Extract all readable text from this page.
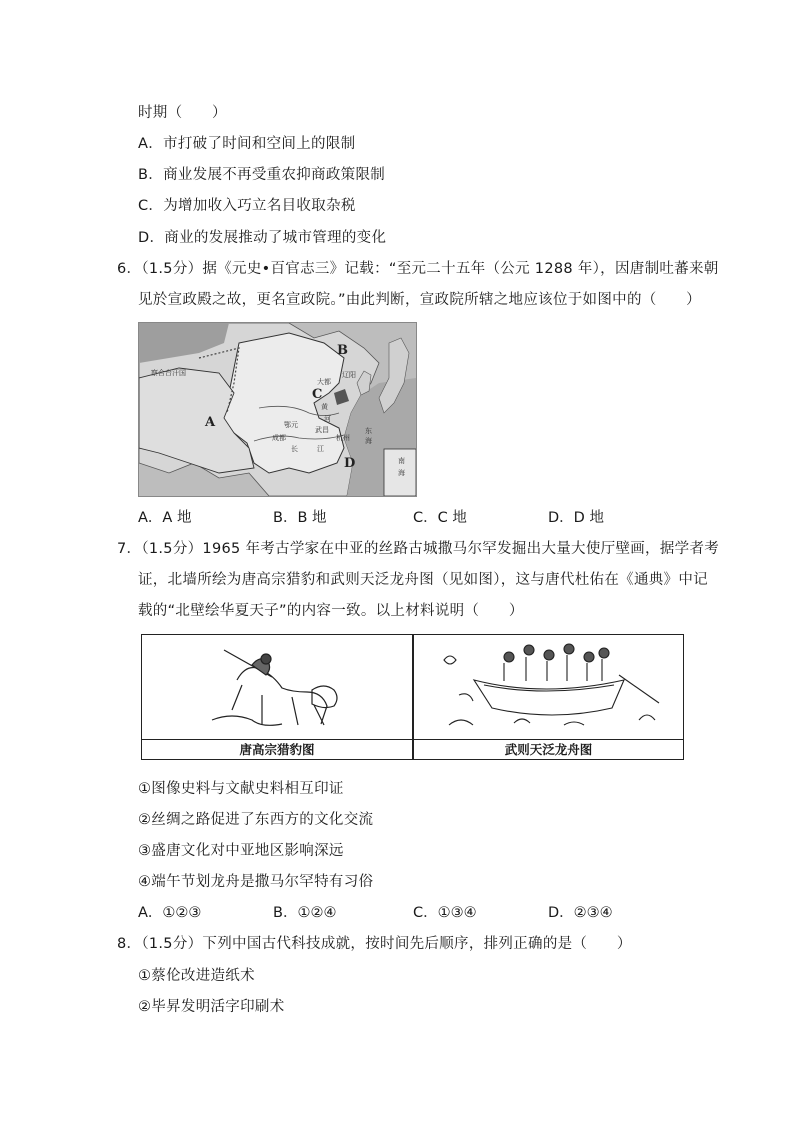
时期（　　）
A．市打破了时间和空间上的限制
B．商业发展不再受重农抑商政策限制
C．为增加收入巧立名目收取杂税
D．商业的发展推动了城市管理的变化
6．（1.5分）据《元史•百官志三》记载：“至元二十五年（公元 1288 年），因唐制吐蕃来朝
见於宣政殿之故，更名宣政院。”由此判断，宣政院所辖之地应该位于如图中的（　　）
B
A
C
D
察合台汗国
大都
辽阳
黄
河
成都
鄂元
武昌
杭州
长	江
东
海
南
海
A．A 地	B．B 地	C．C 地	D．D 地
7．（1.5分）1965 年考古学家在中亚的丝路古城撒马尔罕发掘出大量大使厅壁画，据学者考
证，北墙所绘为唐高宗猎豹和武则天泛龙舟图（见如图），这与唐代杜佑在《通典》中记
载的“北壁绘华夏天子”的内容一致。以上材料说明（　　）
唐高宗猎豹图	武则天泛龙舟图
①图像史料与文献史料相互印证
②丝绸之路促进了东西方的文化交流
③盛唐文化对中亚地区影响深远
④端午节划龙舟是撒马尔罕特有习俗
A．①②③	B．①②④	C．①③④	D．②③④
8．（1.5分）下列中国古代科技成就，按时间先后顺序，排列正确的是（　　）
①蔡伦改进造纸术
②毕昇发明活字印刷术
